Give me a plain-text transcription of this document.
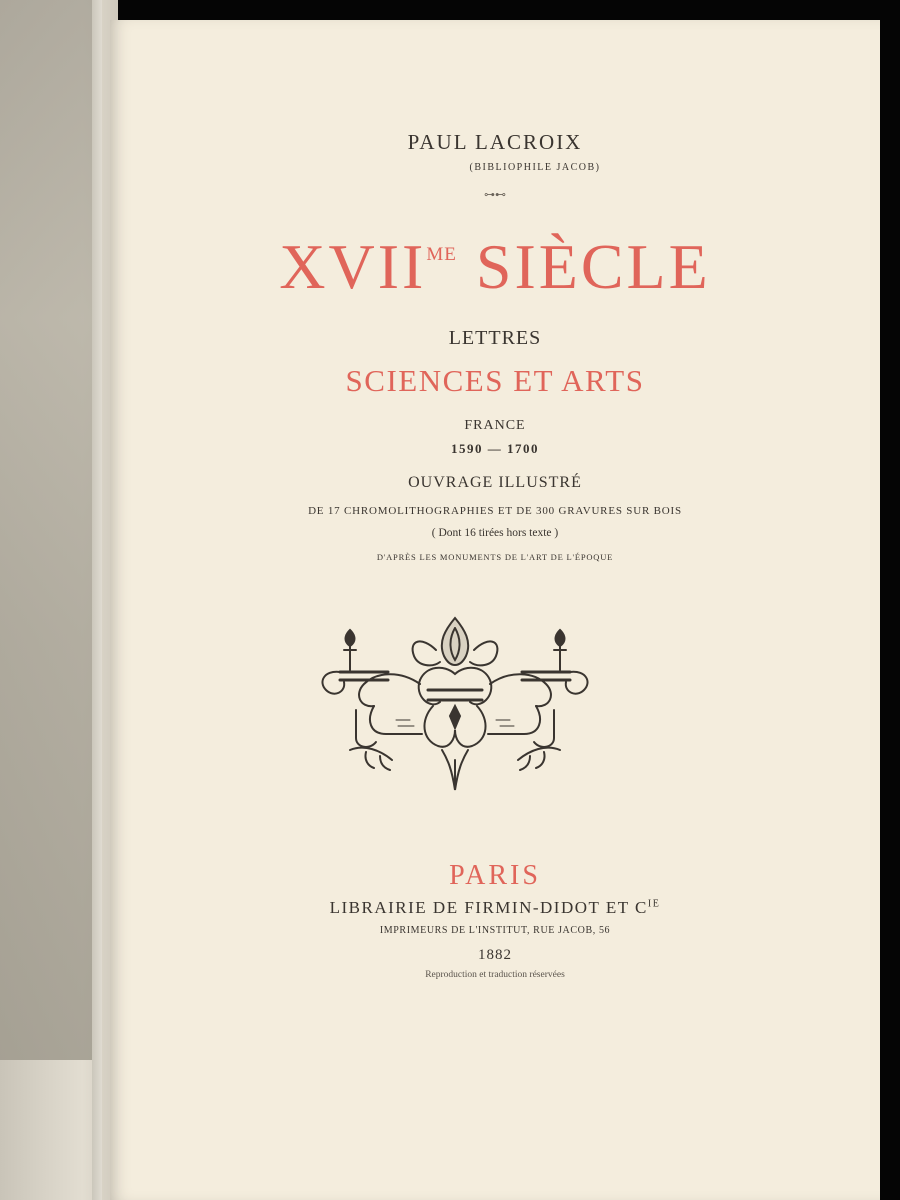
PAUL LACROIX
(BIBLIOPHILE JACOB)
⊶⊷
$XVII^{ME}$ SIÈCLE
LETTRES
SCIENCES ET ARTS
FRANCE
1590 — 1700
OUVRAGE ILLUSTRÉ
DE 17 CHROMOLITHOGRAPHIES ET DE 300 GRAVURES SUR BOIS
( Dont 16 tirées hors texte )
D'APRÈS LES MONUMENTS DE L'ART DE L'ÉPOQUE
PARIS
LIBRAIRIE DE FIRMIN-DIDOT ET $C^{IE}$
IMPRIMEURS DE L'INSTITUT, RUE JACOB, 56
1882
Reproduction et traduction réservées
